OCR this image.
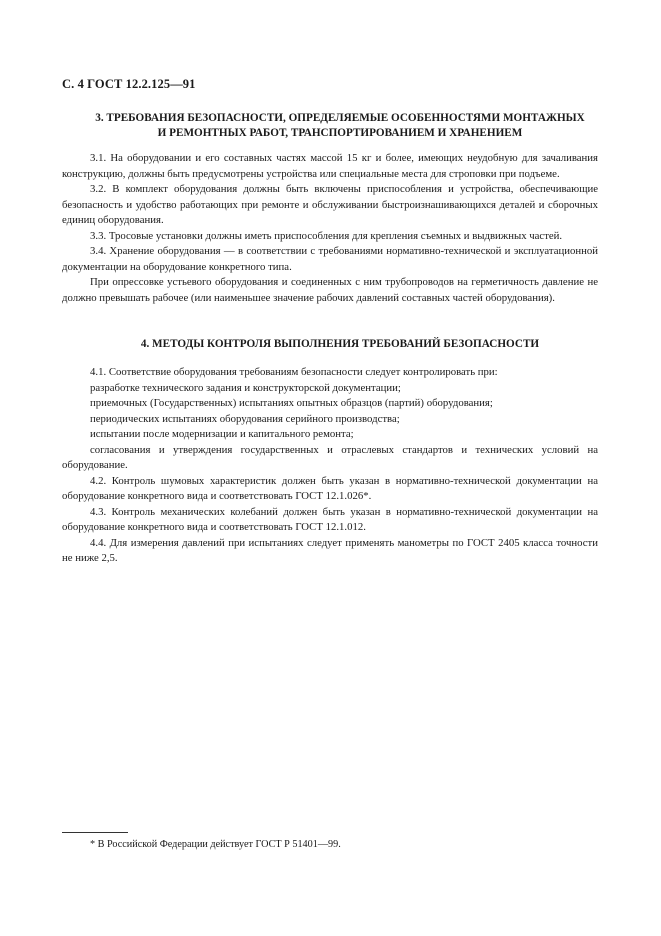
С. 4 ГОСТ 12.2.125—91
3. ТРЕБОВАНИЯ БЕЗОПАСНОСТИ, ОПРЕДЕЛЯЕМЫЕ ОСОБЕННОСТЯМИ МОНТАЖНЫХ
И РЕМОНТНЫХ РАБОТ, ТРАНСПОРТИРОВАНИЕМ И ХРАНЕНИЕМ

3.1. На оборудовании и его составных частях массой 15 кг и более, имеющих неудобную для зачаливания конструкцию, должны быть предусмотрены устройства или специальные места для строповки при подъеме.

3.2. В комплект оборудования должны быть включены приспособления и устройства, обеспечивающие безопасность и удобство работающих при ремонте и обслуживании быстроизнашивающихся деталей и сборочных единиц оборудования.

3.3. Тросовые установки должны иметь приспособления для крепления съемных и выдвижных частей.

3.4. Хранение оборудования — в соответствии с требованиями нормативно-технической и эксплуатационной документации на оборудование конкретного типа.

При опрессовке устьевого оборудования и соединенных с ним трубопроводов на герметичность давление не должно превышать рабочее (или наименьшее значение рабочих давлений составных частей оборудования).

4. МЕТОДЫ КОНТРОЛЯ ВЫПОЛНЕНИЯ ТРЕБОВАНИЙ БЕЗОПАСНОСТИ

4.1. Соответствие оборудования требованиям безопасности следует контролировать при:

разработке технического задания и конструкторской документации;

приемочных (Государственных) испытаниях опытных образцов (партий) оборудования;

периодических испытаниях оборудования серийного производства;

испытании после модернизации и капитального ремонта;

согласования и утверждения государственных и отраслевых стандартов и технических условий на оборудование.

4.2. Контроль шумовых характеристик должен быть указан в нормативно-технической документации на оборудование конкретного вида и соответствовать ГОСТ 12.1.026*.

4.3. Контроль механических колебаний должен быть указан в нормативно-технической документации на оборудование конкретного вида и соответствовать ГОСТ 12.1.012.

4.4. Для измерения давлений при испытаниях следует применять манометры по ГОСТ 2405 класса точности не ниже 2,5.

* В Российской Федерации действует ГОСТ Р 51401—99.
